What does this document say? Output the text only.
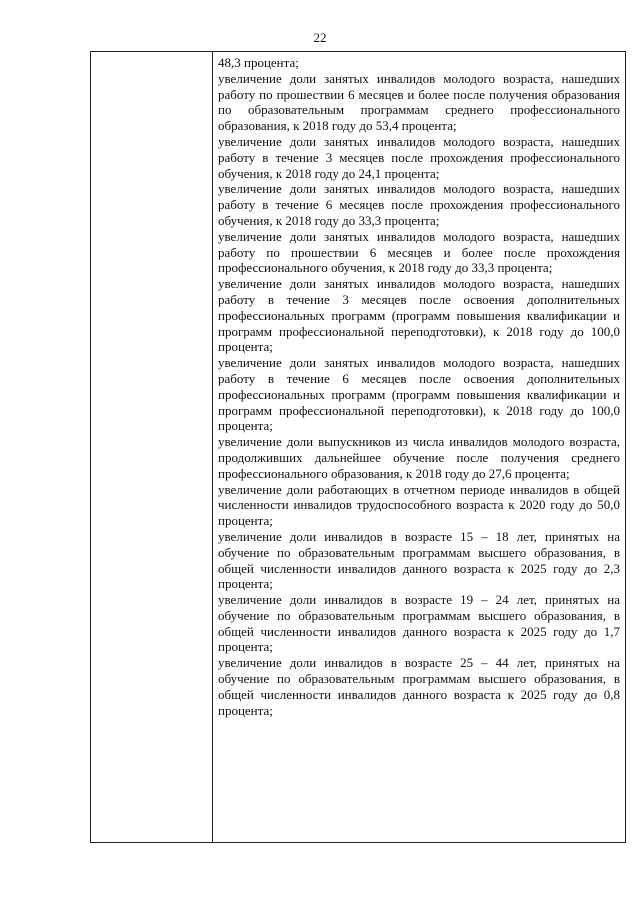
22

48,3 процента;

увеличение доли занятых инвалидов молодого возраста, нашедших работу по прошествии 6 месяцев и более после получения образования по образовательным программам среднего профессионального образования, к 2018 году до 53,4 процента;

увеличение доли занятых инвалидов молодого возраста, нашедших работу в течение 3 месяцев после прохождения профессионального обучения, к 2018 году до 24,1 процента;

увеличение доли занятых инвалидов молодого возраста, нашедших работу в течение 6 месяцев после прохождения профессионального обучения, к 2018 году до 33,3 процента;

увеличение доли занятых инвалидов молодого возраста, нашедших работу по прошествии 6 месяцев и более после прохождения профессионального обучения, к 2018 году до 33,3 процента;

увеличение доли занятых инвалидов молодого возраста, нашедших работу в течение 3 месяцев после освоения дополнительных профессиональных программ (программ повышения квалификации и программ профессиональной переподготовки), к 2018 году до 100,0 процента;

увеличение доли занятых инвалидов молодого возраста, нашедших работу в течение 6 месяцев после освоения дополнительных профессиональных программ (программ повышения квалификации и программ профессиональной переподготовки), к 2018 году до 100,0 процента;

увеличение доли выпускников из числа инвалидов молодого возраста, продолживших дальнейшее обучение после получения среднего профессионального образования, к 2018 году до 27,6 процента;

увеличение доли работающих в отчетном периоде инвалидов в общей численности инвалидов трудоспособного возраста к 2020 году до 50,0 процента;

увеличение доли инвалидов в возрасте 15 – 18 лет, принятых на обучение по образовательным программам высшего образования, в общей численности инвалидов данного возраста к 2025 году до 2,3 процента;

увеличение доли инвалидов в возрасте 19 – 24 лет, принятых на обучение по образовательным программам высшего образования, в общей численности инвалидов данного возраста к 2025 году до 1,7 процента;

увеличение доли инвалидов в возрасте 25 – 44 лет, принятых на обучение по образовательным программам высшего образования, в общей численности инвалидов данного возраста к 2025 году до 0,8 процента;
